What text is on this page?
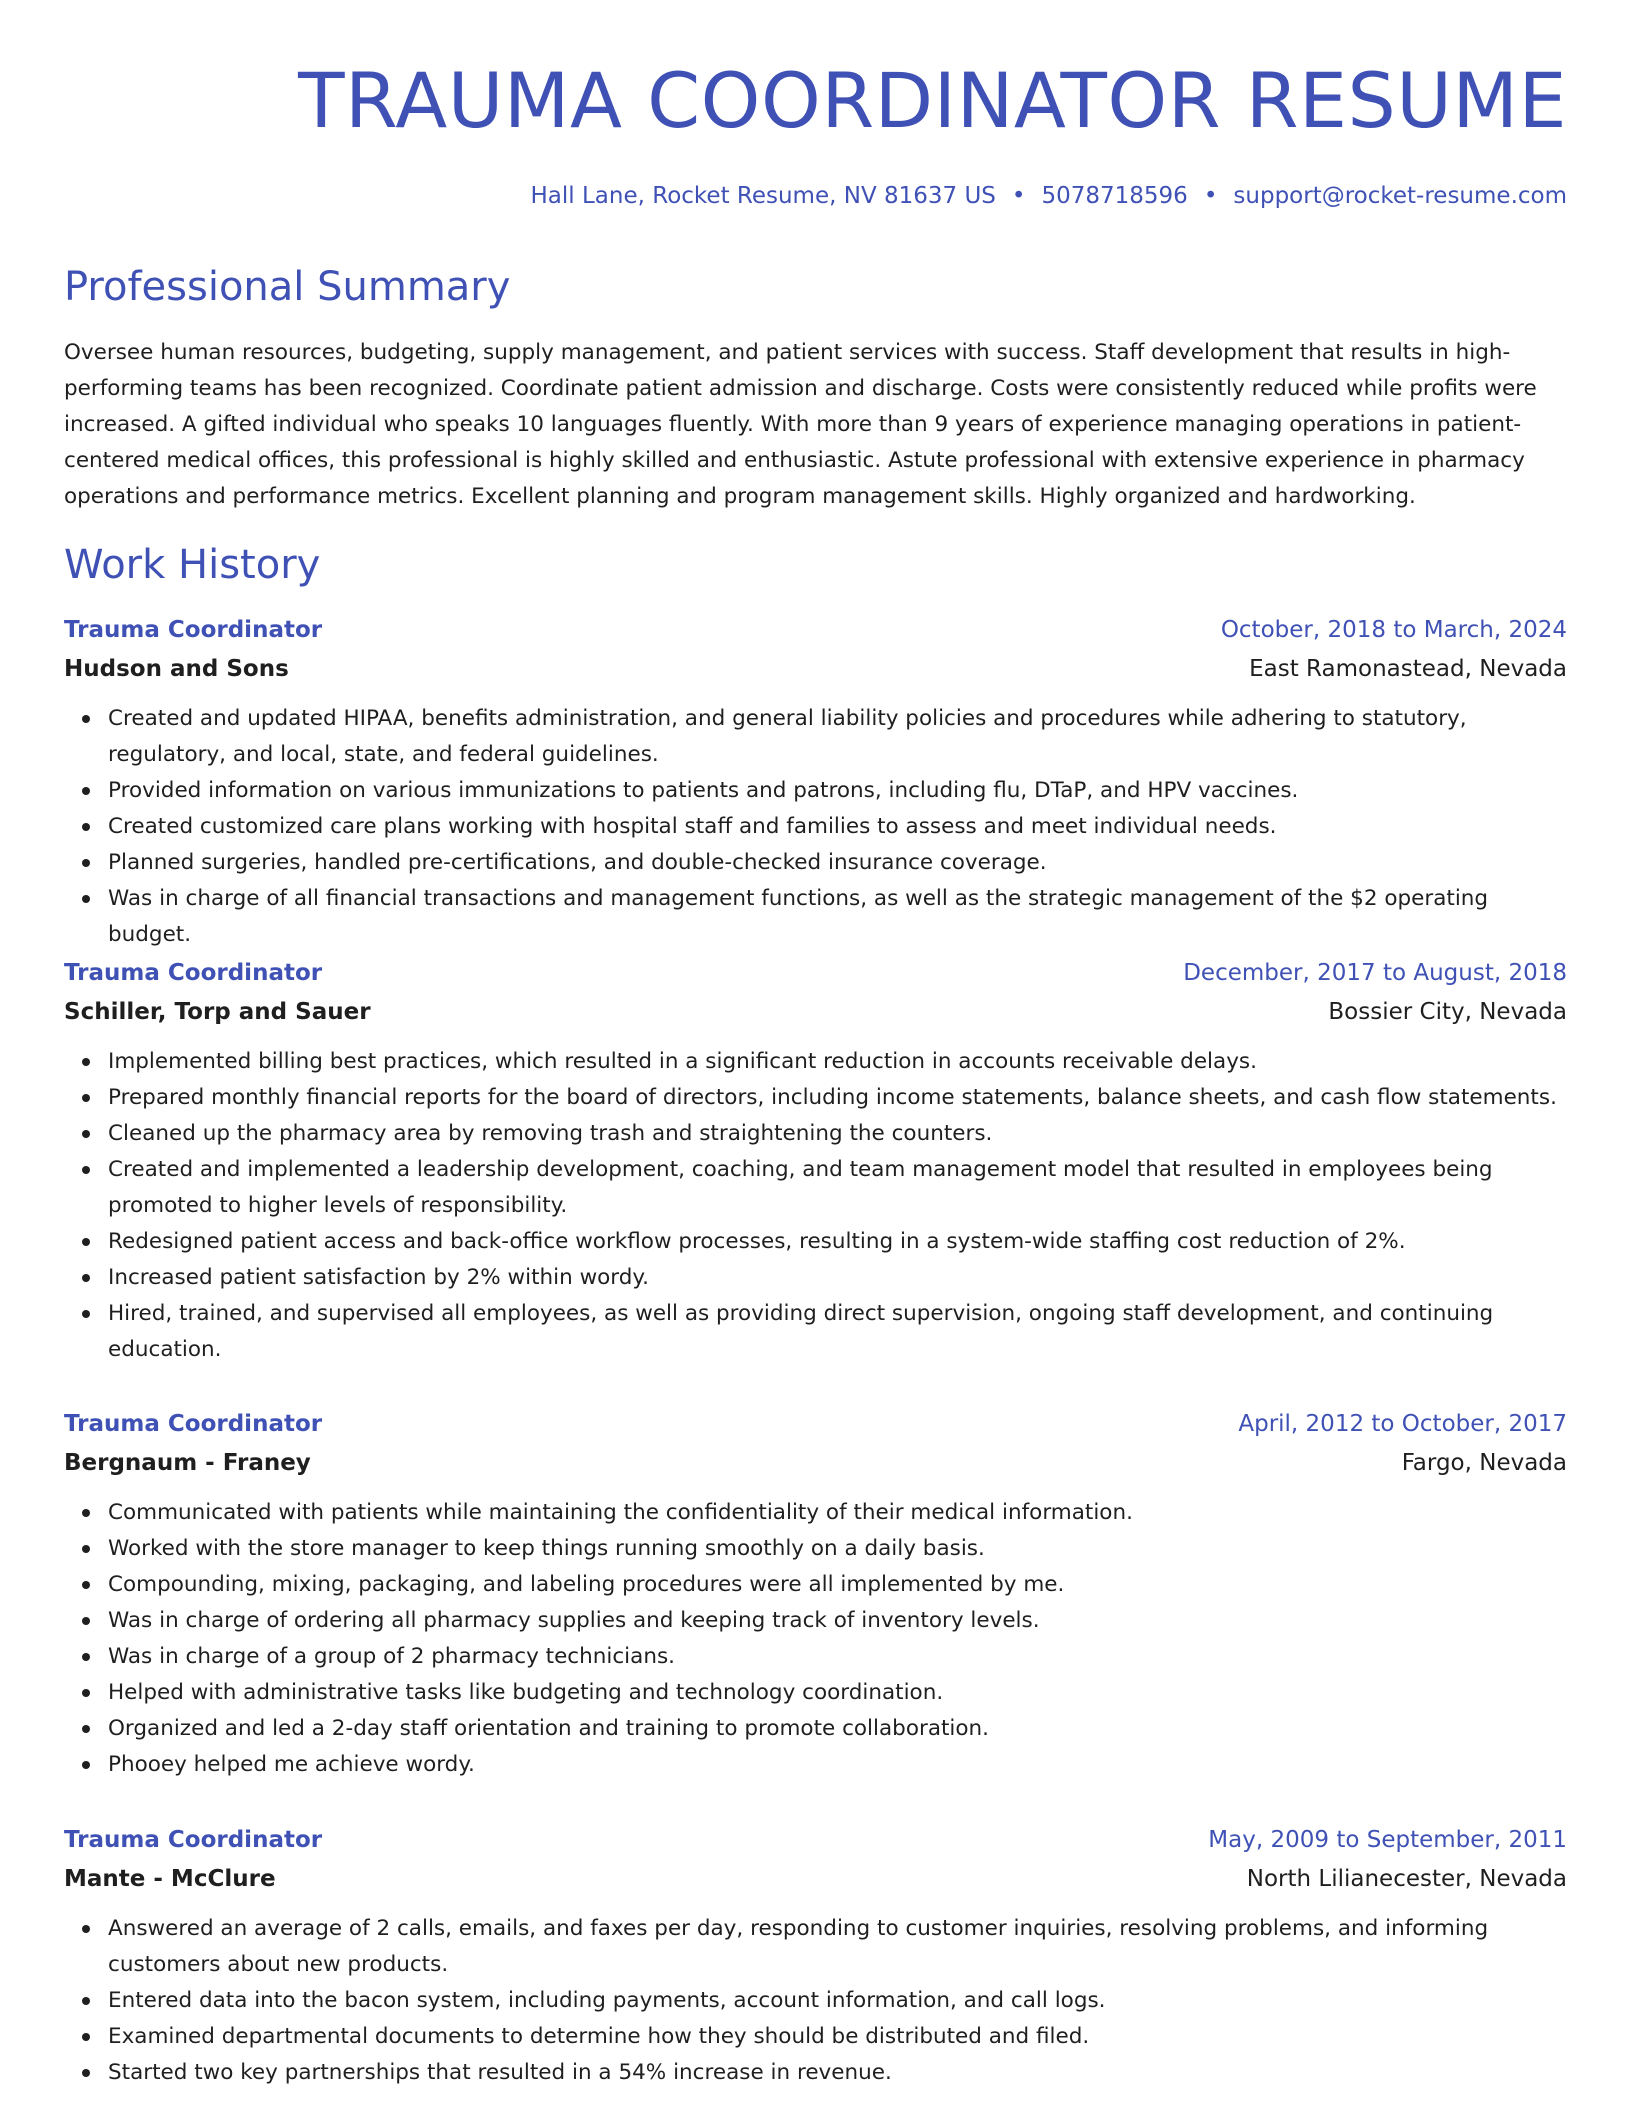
TRAUMA COORDINATOR RESUME
Hall Lane, Rocket Resume, NV 81637 US • 5078718596 • support@rocket-resume.com
Professional Summary

Oversee human resources, budgeting, supply management, and patient services with success. Staff development that results in high-performing teams has been recognized. Coordinate patient admission and discharge. Costs were consistently reduced while profits were increased. A gifted individual who speaks 10 languages fluently. With more than 9 years of experience managing operations in patient-centered medical offices, this professional is highly skilled and enthusiastic. Astute professional with extensive experience in pharmacy operations and performance metrics. Excellent planning and program management skills. Highly organized and hardworking.

Work History
Trauma Coordinator	October, 2018 to March, 2024
Hudson and Sons	East Ramonastead, Nevada
Created and updated HIPAA, benefits administration, and general liability policies and procedures while adhering to statutory, regulatory, and local, state, and federal guidelines.
Provided information on various immunizations to patients and patrons, including flu, DTaP, and HPV vaccines.
Created customized care plans working with hospital staff and families to assess and meet individual needs.
Planned surgeries, handled pre-certifications, and double-checked insurance coverage.
Was in charge of all financial transactions and management functions, as well as the strategic management of the $2 operating budget.
Trauma Coordinator	December, 2017 to August, 2018
Schiller, Torp and Sauer	Bossier City, Nevada
Implemented billing best practices, which resulted in a significant reduction in accounts receivable delays.
Prepared monthly financial reports for the board of directors, including income statements, balance sheets, and cash flow statements.
Cleaned up the pharmacy area by removing trash and straightening the counters.
Created and implemented a leadership development, coaching, and team management model that resulted in employees being promoted to higher levels of responsibility.
Redesigned patient access and back-office workflow processes, resulting in a system-wide staffing cost reduction of 2%.
Increased patient satisfaction by 2% within wordy.
Hired, trained, and supervised all employees, as well as providing direct supervision, ongoing staff development, and continuing education.
Trauma Coordinator	April, 2012 to October, 2017
Bergnaum - Franey	Fargo, Nevada
Communicated with patients while maintaining the confidentiality of their medical information.
Worked with the store manager to keep things running smoothly on a daily basis.
Compounding, mixing, packaging, and labeling procedures were all implemented by me.
Was in charge of ordering all pharmacy supplies and keeping track of inventory levels.
Was in charge of a group of 2 pharmacy technicians.
Helped with administrative tasks like budgeting and technology coordination.
Organized and led a 2-day staff orientation and training to promote collaboration.
Phooey helped me achieve wordy.
Trauma Coordinator	May, 2009 to September, 2011
Mante - McClure	North Lilianecester, Nevada
Answered an average of 2 calls, emails, and faxes per day, responding to customer inquiries, resolving problems, and informing customers about new products.
Entered data into the bacon system, including payments, account information, and call logs.
Examined departmental documents to determine how they should be distributed and filed.
Started two key partnerships that resulted in a 54% increase in revenue.
